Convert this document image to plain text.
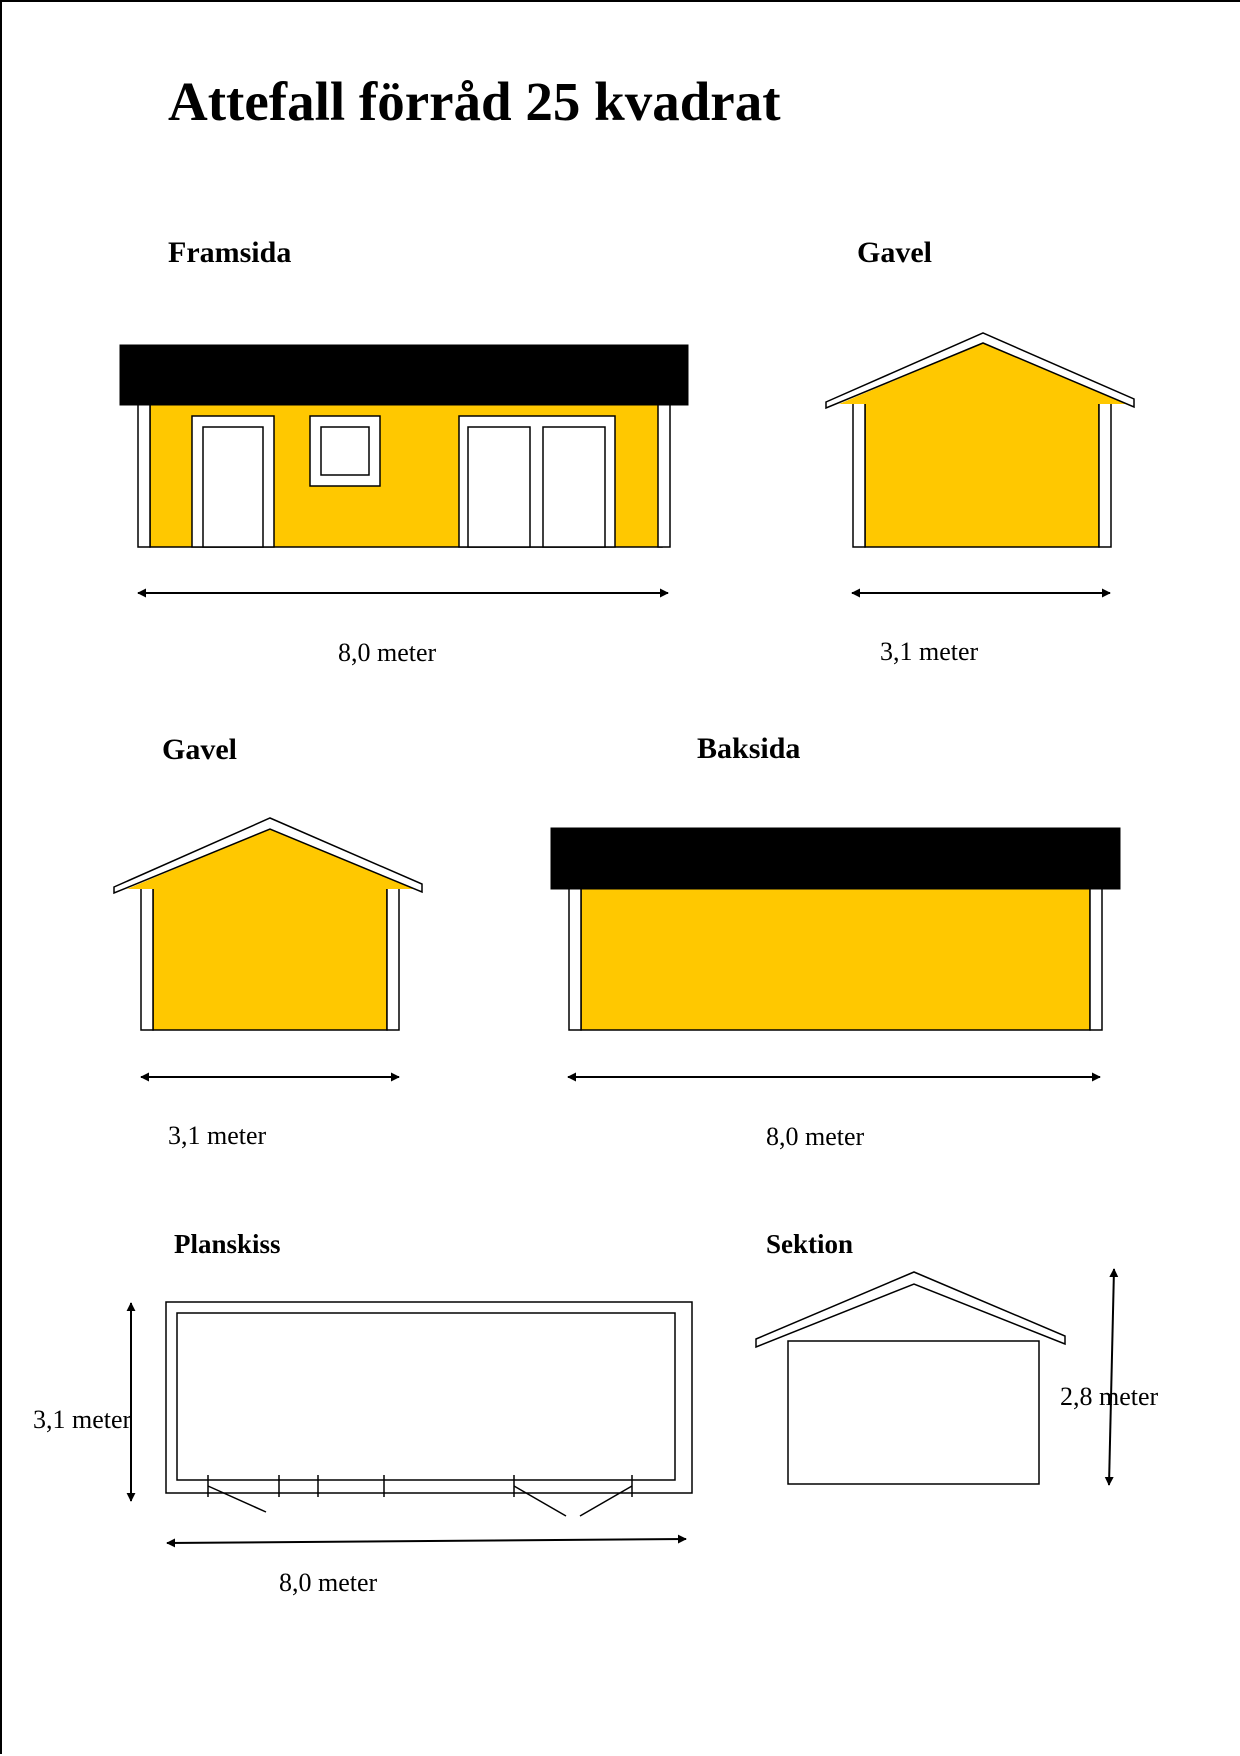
Attefall förråd 25 kvadrat
Framsida	Gavel
Gavel	Baksida
Planskiss	Sektion
8,0 meter	3,1 meter
3,1 meter	8,0 meter
3,1 meter
8,0 meter
2,8 meter
